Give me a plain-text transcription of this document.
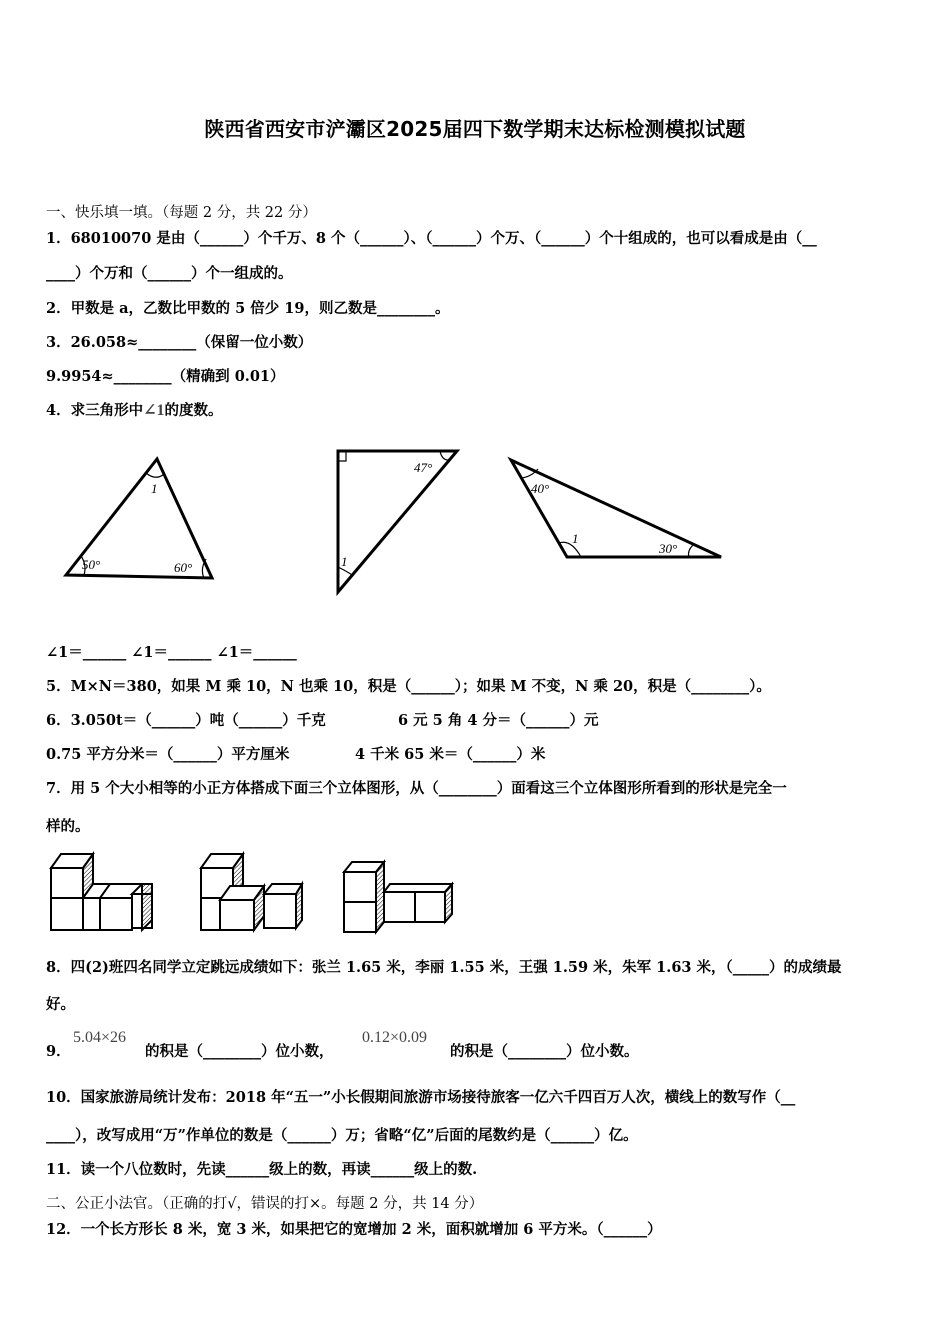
陕西省西安市浐灞区2025届四下数学期末达标检测模拟试题
一、快乐填一填。（每题 2 分，共 22 分）
1．68010070 是由（______）个千万、8 个（______）、（______）个万、（______）个十组成的，也可以看成是由（__
____）个万和（______）个一组成的。
2．甲数是 a，乙数比甲数的 5 倍少 19，则乙数是________。
3．26.058≈________（保留一位小数）
9.9954≈________（精确到 0.01）
4．求三角形中∠1的度数。
1
50°	60°
47°
1
40°
1
30°
∠1＝______ ∠1＝______ ∠1＝______
5．M×N＝380，如果 M 乘 10，N 也乘 10，积是（______）；如果 M 不变，N 乘 20，积是（________）。
6．3.050t＝（______）吨（______）千克	6 元 5 角 4 分＝（______）元
0.75 平方分米＝（______）平方厘米	4 千米 65 米＝（______）米
7．用 5 个大小相等的小正方体搭成下面三个立体图形，从（________）面看这三个立体图形所看到的形状是完全一
样的。
8．四(2)班四名同学立定跳远成绩如下：张兰 1.65 米，李丽 1.55 米，王强 1.59 米，朱军 1.63 米，（_____）的成绩最
好。
9．
5.04×26
的积是（________）位小数，
0.12×0.09
的积是（________）位小数。
10．国家旅游局统计发布：2018 年“五一”小长假期间旅游市场接待旅客一亿六千四百万人次，横线上的数写作（__
____），改写成用“万”作单位的数是（______）万；省略“亿”后面的尾数约是（______）亿。
11．读一个八位数时，先读______级上的数，再读______级上的数.
二、公正小法官。（正确的打√，错误的打×。每题 2 分，共 14 分）
12．一个长方形长 8 米，宽 3 米，如果把它的宽增加 2 米，面积就增加 6 平方米。（______）
